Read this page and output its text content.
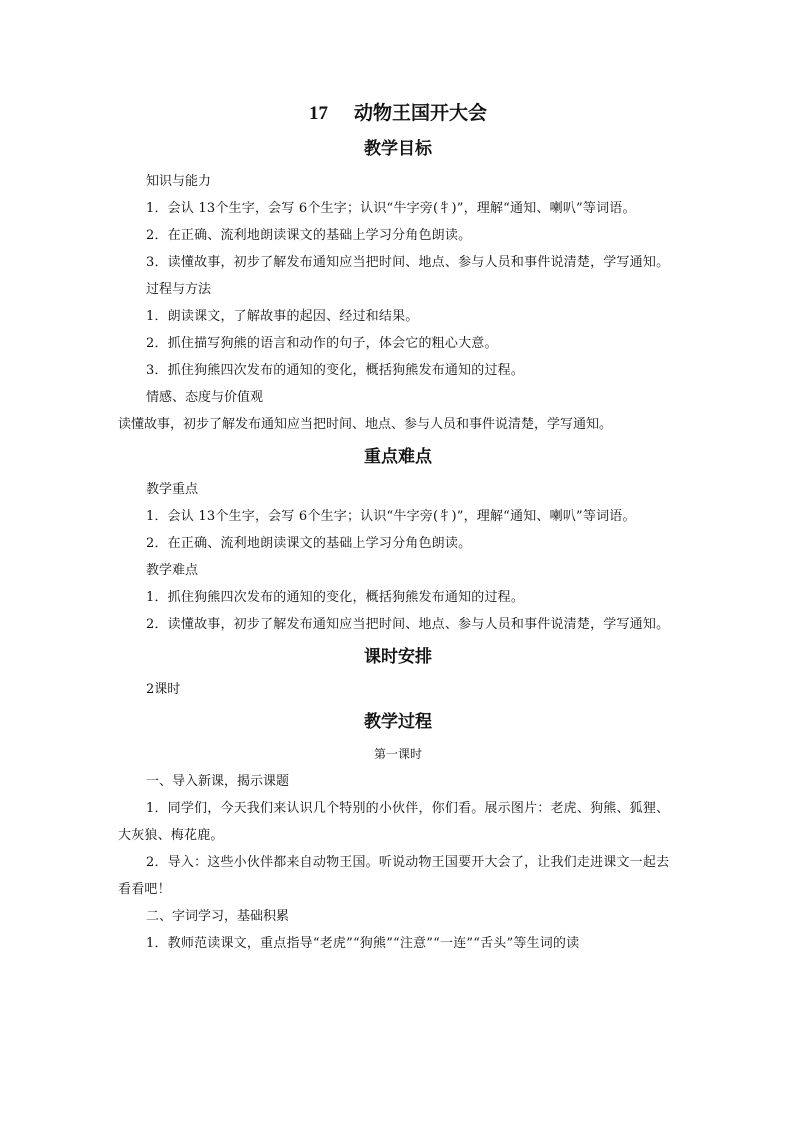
17 动物王国开大会
教学目标

知识与能力

1．会认 13个生字，会写 6个生字；认识“牛字旁(牜)”，理解“通知、喇叭”等词语。

2．在正确、流利地朗读课文的基础上学习分角色朗读。

3．读懂故事，初步了解发布通知应当把时间、地点、参与人员和事件说清楚，学写通知。

过程与方法

1．朗读课文，了解故事的起因、经过和结果。

2．抓住描写狗熊的语言和动作的句子，体会它的粗心大意。

3．抓住狗熊四次发布的通知的变化，概括狗熊发布通知的过程。

情感、态度与价值观

读懂故事，初步了解发布通知应当把时间、地点、参与人员和事件说清楚，学写通知。

重点难点

教学重点

1．会认 13个生字，会写 6个生字；认识“牛字旁(牜)”，理解“通知、喇叭”等词语。

2．在正确、流利地朗读课文的基础上学习分角色朗读。

教学难点

1．抓住狗熊四次发布的通知的变化，概括狗熊发布通知的过程。

2．读懂故事，初步了解发布通知应当把时间、地点、参与人员和事件说清楚，学写通知。

课时安排

2课时

教学过程

第一课时

一、导入新课，揭示课题

1．同学们，今天我们来认识几个特别的小伙伴，你们看。展示图片：老虎、狗熊、狐狸、大灰狼、梅花鹿。

2．导入：这些小伙伴都来自动物王国。听说动物王国要开大会了，让我们走进课文一起去看看吧！

二、字词学习，基础积累

1．教师范读课文，重点指导“老虎”“狗熊”“注意”“一连”“舌头”等生词的读
